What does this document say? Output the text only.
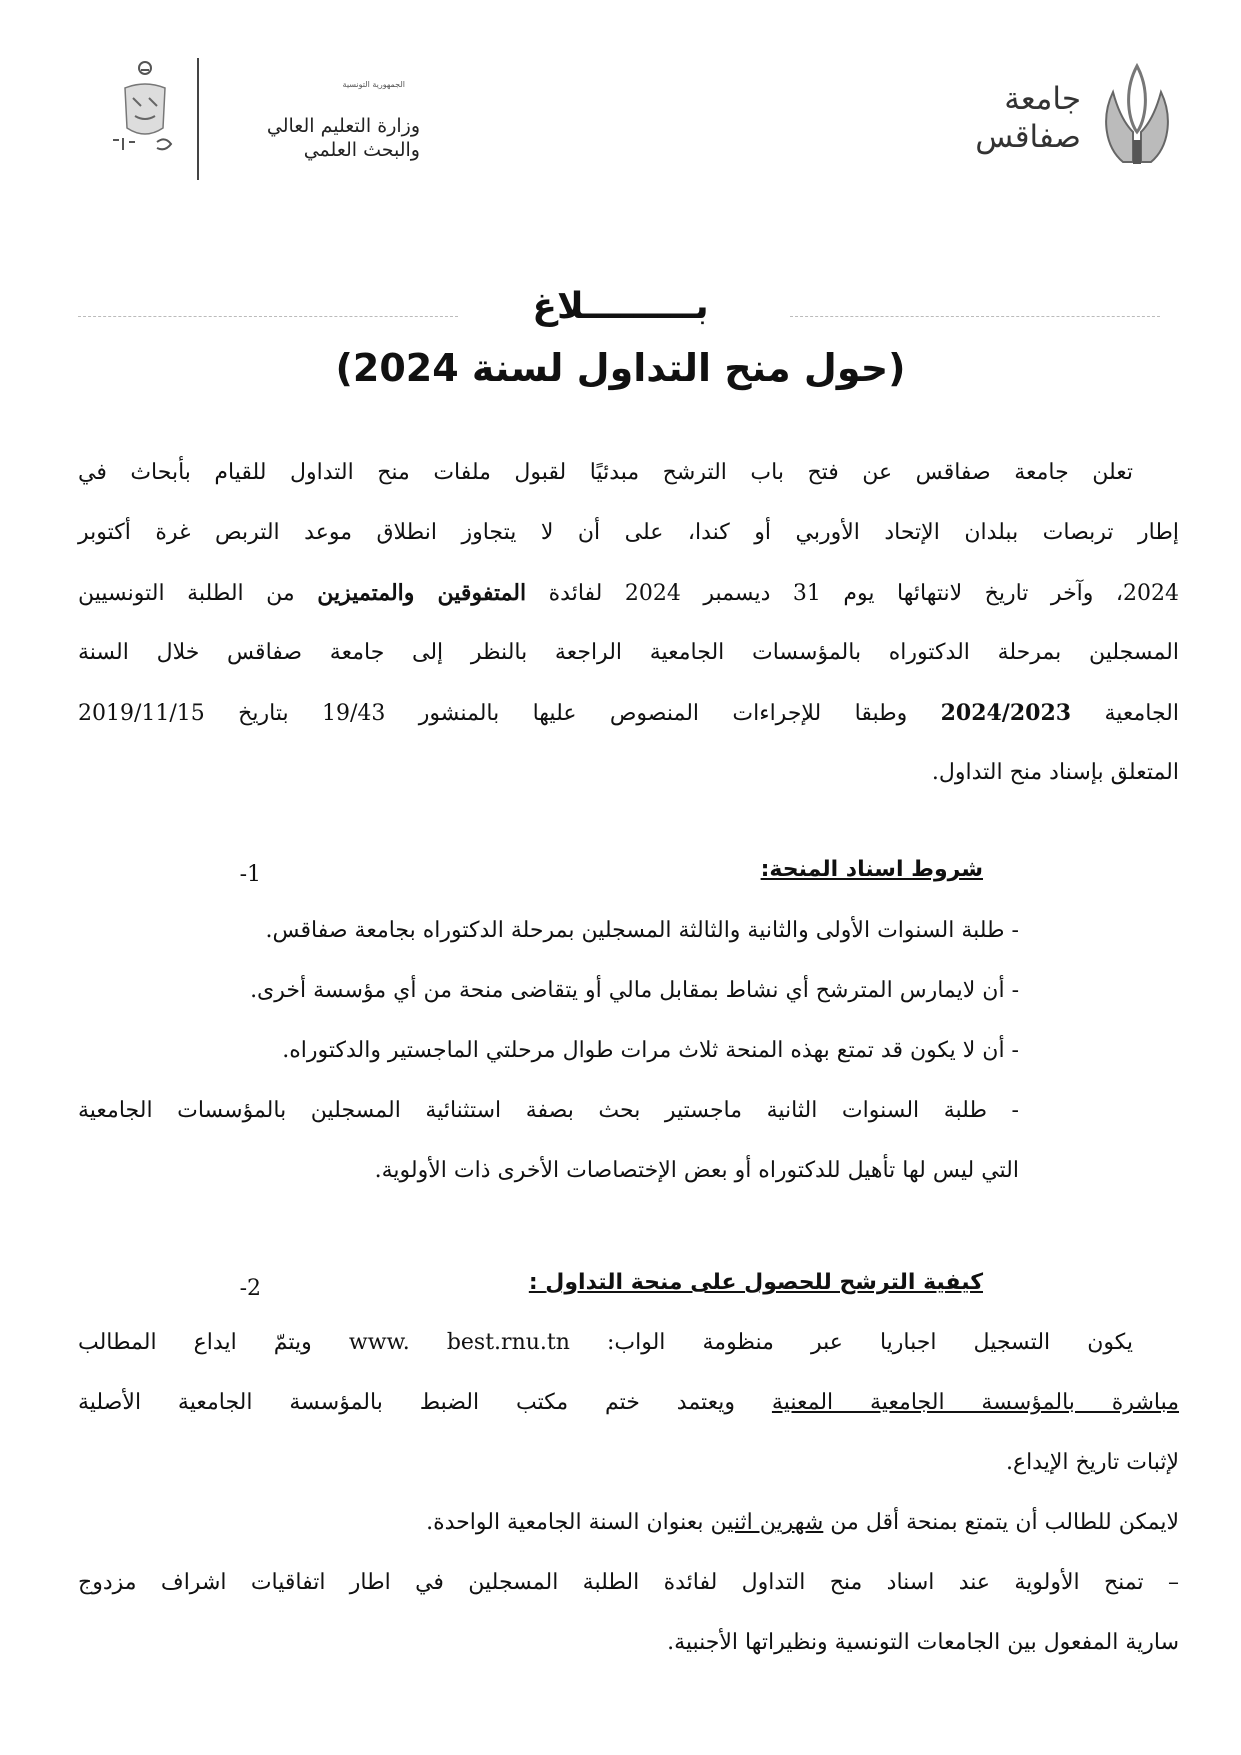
جامعة
صفاقس
الجمهورية التونسية
وزارة التعليم العالي
والبحث العلمي
بـــــــــلاغ
(حول منح التداول لسنة 2024)
تعلن جامعة صفاقس عن فتح باب الترشح مبدئيًا لقبول ملفات منح التداول للقيام بأبحاث في
إطار تربصات ببلدان الإتحاد الأوربي أو كندا، على أن لا يتجاوز انطلاق موعد التربص غرة أكتوبر
2024، وآخر تاريخ لانتهائها يوم 31 ديسمبر 2024 لفائدة المتفوقين والمتميزين من الطلبة التونسيين
المسجلين بمرحلة الدكتوراه بالمؤسسات الجامعية الراجعة بالنظر إلى جامعة صفاقس خلال السنة
الجامعية 2024/2023 وطبقا للإجراءات المنصوص عليها بالمنشور 19/43 بتاريخ 2019/11/15
المتعلق بإسناد منح التداول.
-1	شروط اسناد المنحة:
- طلبة السنوات الأولى والثانية والثالثة المسجلين بمرحلة الدكتوراه بجامعة صفاقس.
- أن لايمارس المترشح أي نشاط بمقابل مالي أو يتقاضى منحة من أي مؤسسة أخرى.
- أن لا يكون قد تمتع بهذه المنحة ثلاث مرات طوال مرحلتي الماجستير والدكتوراه.
- طلبة السنوات الثانية ماجستير بحث بصفة استثنائية المسجلين بالمؤسسات الجامعية
التي ليس لها تأهيل للدكتوراه أو بعض الإختصاصات الأخرى ذات الأولوية.
-2	كيفية الترشح للحصول على منحة التداول :
يكون التسجيل اجباريا عبر منظومة الواب: www. best.rnu.tn ويتمّ ايداع المطالب
مباشرة بالمؤسسة الجامعية المعنية ويعتمد ختم مكتب الضبط بالمؤسسة الجامعية الأصلية
لإثبات تاريخ الإيداع.
لايمكن للطالب أن يتمتع بمنحة أقل من شهرين اثنين بعنوان السنة الجامعية الواحدة.
– تمنح الأولوية عند اسناد منح التداول لفائدة الطلبة المسجلين في اطار اتفاقيات اشراف مزدوج
سارية المفعول بين الجامعات التونسية ونظيراتها الأجنبية.
